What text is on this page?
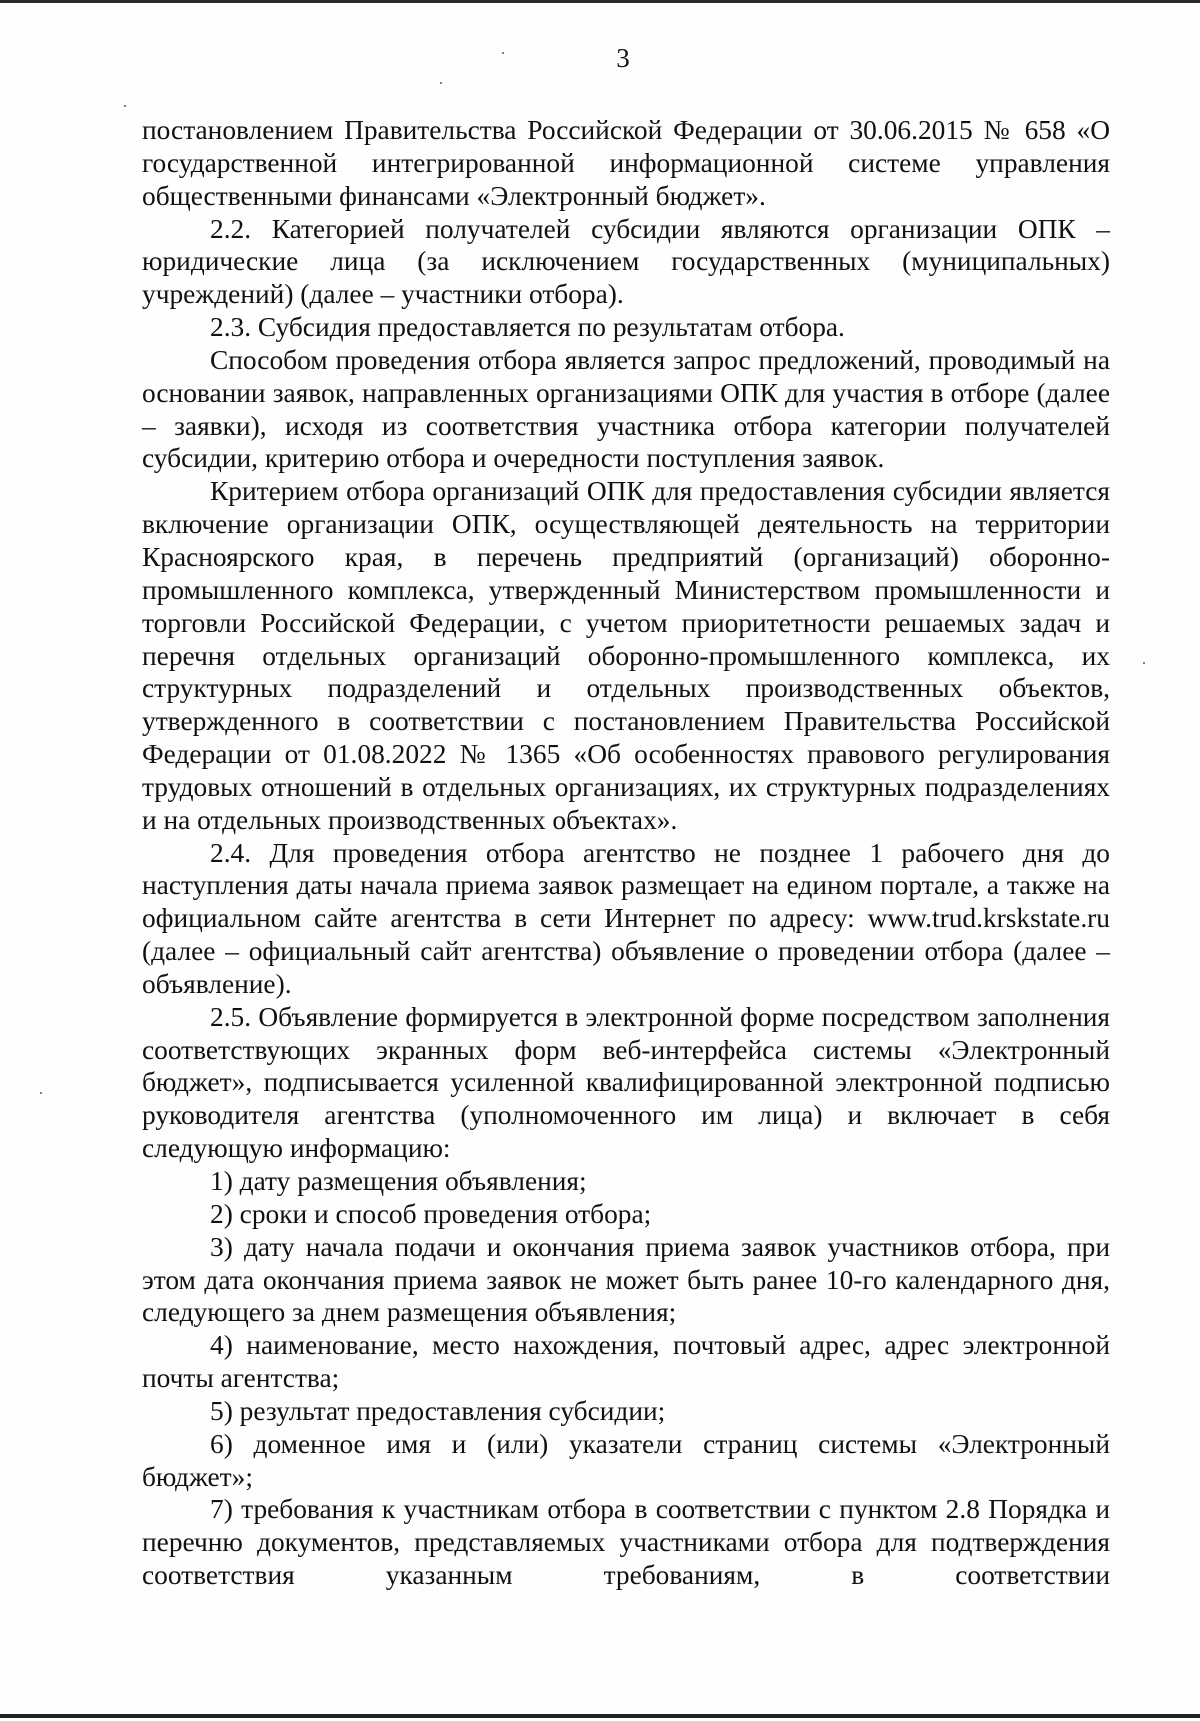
3

постановлением Правительства Российской Федерации от 30.06.2015 № 658 «О государственной интегрированной информационной системе управления общественными финансами «Электронный бюджет».

2.2. Категорией получателей субсидии являются организации ОПК – юридические лица (за исключением государственных (муниципальных) учреждений) (далее – участники отбора).

2.3. Субсидия предоставляется по результатам отбора.

Способом проведения отбора является запрос предложений, проводимый на основании заявок, направленных организациями ОПК для участия в отборе (далее – заявки), исходя из соответствия участника отбора категории получателей субсидии, критерию отбора и очередности поступления заявок.

Критерием отбора организаций ОПК для предоставления субсидии является включение организации ОПК, осуществляющей деятельность на территории Красноярского края, в перечень предприятий (организаций) оборонно-промышленного комплекса, утвержденный Министерством промышленности и торговли Российской Федерации, с учетом приоритетности решаемых задач и перечня отдельных организаций оборонно-промышленного комплекса, их структурных подразделений и отдельных производственных объектов, утвержденного в соответствии с постановлением Правительства Российской Федерации от 01.08.2022 № 1365 «Об особенностях правового регулирования трудовых отношений в отдельных организациях, их структурных подразделениях и на отдельных производственных объектах».

2.4. Для проведения отбора агентство не позднее 1 рабочего дня до наступления даты начала приема заявок размещает на едином портале, а также на официальном сайте агентства в сети Интернет по адресу: www.trud.krskstate.ru (далее – официальный сайт агентства) объявление о проведении отбора (далее – объявление).

2.5. Объявление формируется в электронной форме посредством заполнения соответствующих экранных форм веб-интерфейса системы «Электронный бюджет», подписывается усиленной квалифицированной электронной подписью руководителя агентства (уполномоченного им лица) и включает в себя следующую информацию:

1) дату размещения объявления;

2) сроки и способ проведения отбора;

3) дату начала подачи и окончания приема заявок участников отбора, при этом дата окончания приема заявок не может быть ранее 10-го календарного дня, следующего за днем размещения объявления;

4) наименование, место нахождения, почтовый адрес, адрес электронной почты агентства;

5) результат предоставления субсидии;

6) доменное имя и (или) указатели страниц системы «Электронный бюджет»;

7) требования к участникам отбора в соответствии с пунктом 2.8 Порядка и перечню документов, представляемых участниками отбора для подтверждения соответствия указанным требованиям, в соответствии
